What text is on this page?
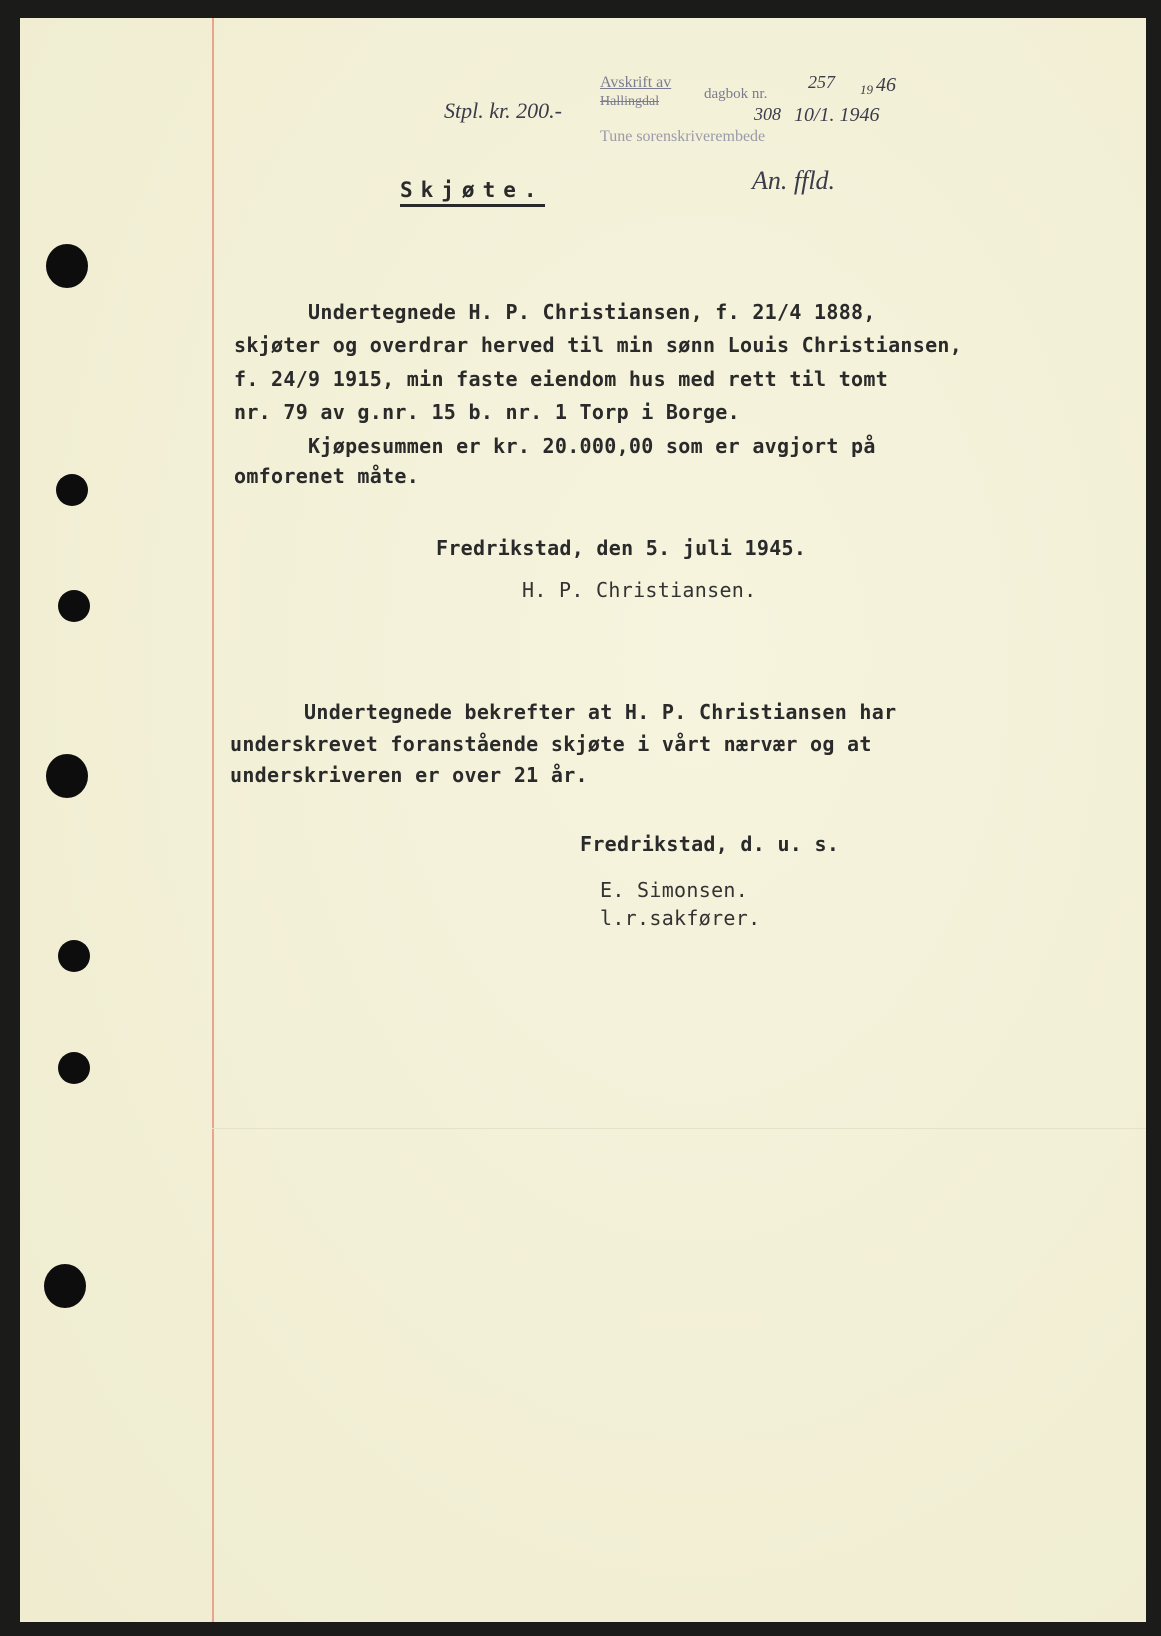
Stpl. kr. 200.-
Avskrift av
Hallingdal	dagbok nr.
257 19 46
308 10/1. 1946
Tune sorenskriverembede
An. ffld.
Skjøte.
Undertegnede H. P. Christiansen, f. 21/4 1888,
skjøter og overdrar herved til min sønn Louis Christiansen,
f. 24/9 1915, min faste eiendom hus med rett til tomt
nr. 79 av g.nr. 15 b. nr. 1 Torp i Borge.
Kjøpesummen er kr. 20.000,00 som er avgjort på
omforenet måte.
Fredrikstad, den 5. juli 1945.
H. P. Christiansen.
Undertegnede bekrefter at H. P. Christiansen har
underskrevet foranstående skjøte i vårt nærvær og at
underskriveren er over 21 år.
Fredrikstad, d. u. s.
E. Simonsen.
l.r.sakfører.
